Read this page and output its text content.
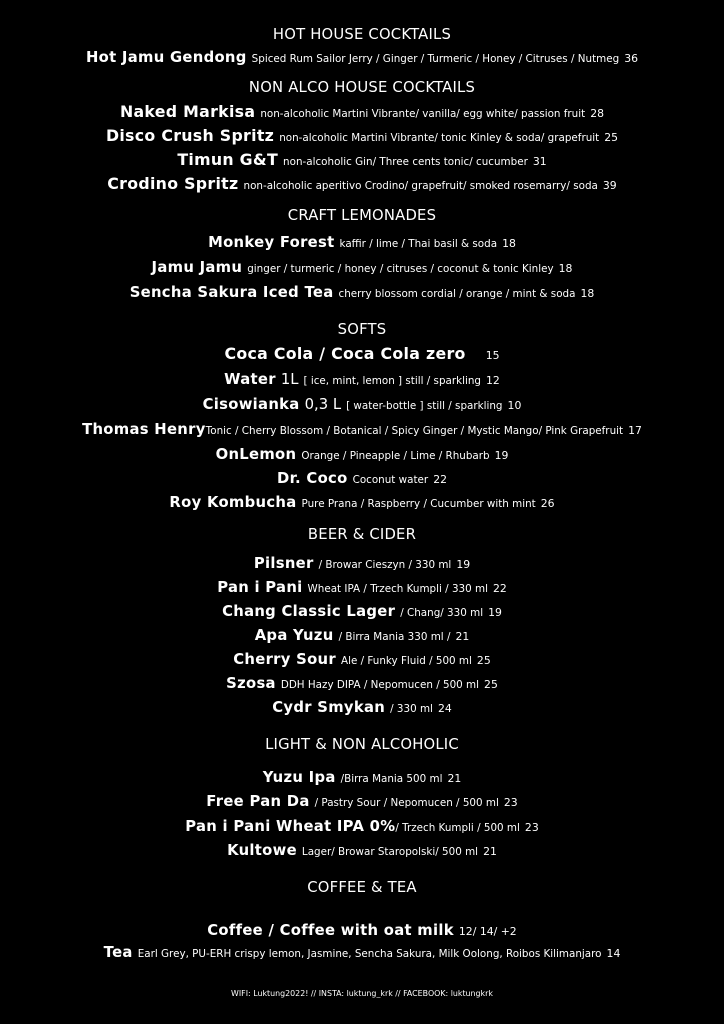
HOT HOUSE COCKTAILS
Hot Jamu Gendong Spiced Rum Sailor Jerry / Ginger / Turmeric / Honey / Citruses / Nutmeg 36
NON ALCO HOUSE COCKTAILS
Naked Markisa non-alcoholic Martini Vibrante/ vanilla/ egg white/ passion fruit 28
Disco Crush Spritz non-alcoholic Martini Vibrante/ tonic Kinley & soda/ grapefruit 25
Timun G&T non-alcoholic Gin/ Three cents tonic/ cucumber 31
Crodino Spritz non-alcoholic aperitivo Crodino/ grapefruit/ smoked rosemarry/ soda 39
CRAFT LEMONADES
Monkey Forest kaffir / lime / Thai basil & soda 18
Jamu Jamu ginger / turmeric / honey / citruses / coconut & tonic Kinley 18
Sencha Sakura Iced Tea cherry blossom cordial / orange / mint & soda 18
SOFTS
Coca Cola / Coca Cola zero 15
Water 1L [ ice, mint, lemon ] still / sparkling 12
Cisowianka 0,3 L [ water-bottle ] still / sparkling 10
Thomas HenryTonic / Cherry Blossom / Botanical / Spicy Ginger / Mystic Mango/ Pink Grapefruit 17
OnLemon Orange / Pineapple / Lime / Rhubarb 19
Dr. Coco Coconut water 22
Roy Kombucha Pure Prana / Raspberry / Cucumber with mint 26
BEER & CIDER
Pilsner / Browar Cieszyn / 330 ml 19
Pan i Pani Wheat IPA / Trzech Kumpli / 330 ml 22
Chang Classic Lager / Chang/ 330 ml 19
Apa Yuzu / Birra Mania 330 ml / 21
Cherry Sour Ale / Funky Fluid / 500 ml 25
Szosa DDH Hazy DIPA / Nepomucen / 500 ml 25
Cydr Smykan / 330 ml 24
LIGHT & NON ALCOHOLIC
Yuzu Ipa /Birra Mania 500 ml 21
Free Pan Da / Pastry Sour / Nepomucen / 500 ml 23
Pan i Pani Wheat IPA 0%/ Trzech Kumpli / 500 ml 23
Kultowe Lager/ Browar Staropolski/ 500 ml 21
COFFEE & TEA
Coffee / Coffee with oat milk 12/ 14/ +2
Tea Earl Grey, PU-ERH crispy lemon, Jasmine, Sencha Sakura, Milk Oolong, Roibos Kilimanjaro 14
WIFI: Luktung2022! // INSTA: luktung_krk // FACEBOOK: luktungkrk
